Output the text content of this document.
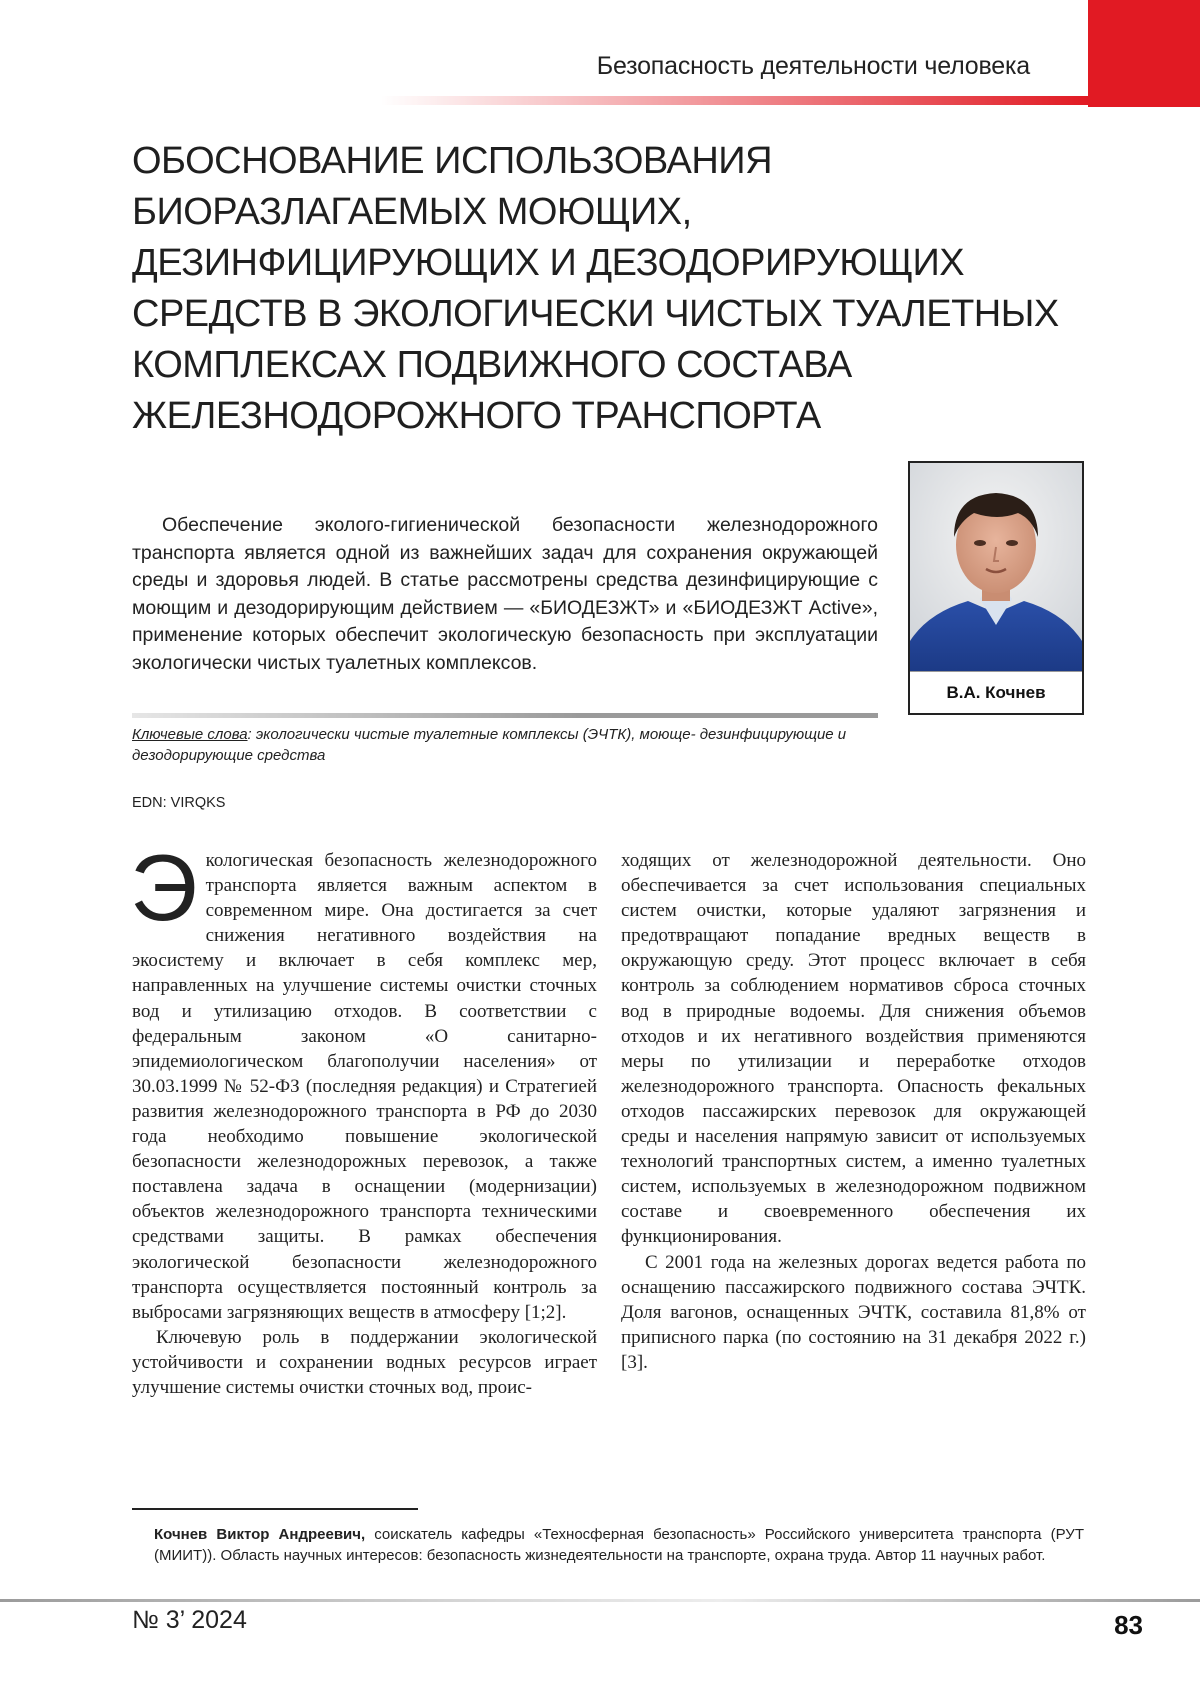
Безопасность деятельности человека
ОБОСНОВАНИЕ ИСПОЛЬЗОВАНИЯ
БИОРАЗЛАГАЕМЫХ МОЮЩИХ,
ДЕЗИНФИЦИРУЮЩИХ И ДЕЗОДОРИРУЮЩИХ
СРЕДСТВ В ЭКОЛОГИЧЕСКИ ЧИСТЫХ ТУАЛЕТНЫХ
КОМПЛЕКСАХ ПОДВИЖНОГО СОСТАВА
ЖЕЛЕЗНОДОРОЖНОГО ТРАНСПОРТА
В.А. Кочнев

Обеспечение эколого-гигиенической безопасности железнодорожного транспорта является одной из важнейших задач для сохранения окружающей среды и здоровья людей. В статье рассмотрены средства дезинфицирующие с моющим и дезодорирующим действием — «БИОДЕЗЖТ» и «БИОДЕЗЖТ Active», применение которых обеспечит экологическую безопасность при эксплуатации экологически чистых туалетных комплексов.

Ключевые слова: экологически чистые туалетные комплексы (ЭЧТК), моюще- дезинфицирующие и дезодорирующие средства
EDN: VIRQKS

Экологическая безопасность железнодорожного транспорта является важным аспектом в современном мире. Она достигается за счет снижения негативного воздействия на экосистему и включает в себя комплекс мер, направленных на улучшение системы очистки сточных вод и утилизацию отходов. В соответствии с федеральным законом «О санитарно-эпидемиологическом благополучии населения» от 30.03.1999 № 52-ФЗ (последняя редакция) и Стратегией развития железнодорожного транспорта в РФ до 2030 года необходимо повышение экологической безопасности железнодорожных перевозок, а также поставлена задача в оснащении (модернизации) объектов железнодорожного транспорта техническими средствами защиты. В рамках обеспечения экологической безопасности железнодорожного транспорта осуществляется постоянный контроль за выбросами загрязняющих веществ в атмосферу [1;2].

Ключевую роль в поддержании экологической устойчивости и сохранении водных ресурсов играет улучшение системы очистки сточных вод, проис-

ходящих от железнодорожной деятельности. Оно обеспечивается за счет использования специальных систем очистки, которые удаляют загрязнения и предотвращают попадание вредных веществ в окружающую среду. Этот процесс включает в себя контроль за соблюдением нормативов сброса сточных вод в природные водоемы. Для снижения объемов отходов и их негативного воздействия применяются меры по утилизации и переработке отходов железнодорожного транспорта. Опасность фекальных отходов пассажирских перевозок для окружающей среды и населения напрямую зависит от используемых технологий транспортных систем, а именно туалетных систем, используемых в железнодорожном подвижном составе и своевременного обеспечения их функционирования.

С 2001 года на железных дорогах ведется работа по оснащению пассажирского подвижного состава ЭЧТК. Доля вагонов, оснащенных ЭЧТК, составила 81,8% от приписного парка (по состоянию на 31 декабря 2022 г.) [3].

Кочнев Виктор Андреевич, соискатель кафедры «Техносферная безопасность» Российского университета транспорта (РУТ (МИИТ)). Область научных интересов: безопасность жизнедеятельности на транспорте, охрана труда. Автор 11 научных работ.
№ 3’ 2024	83
